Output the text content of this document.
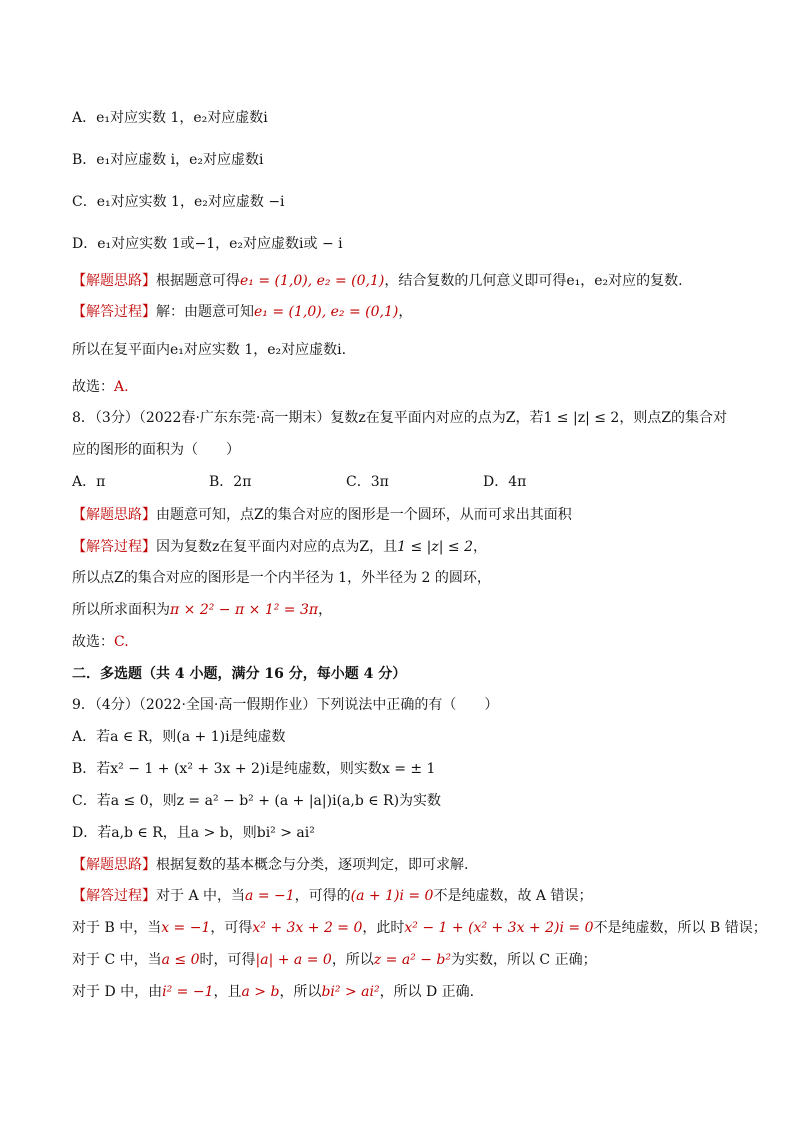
A．e₁对应实数 1，e₂对应虚数i
B．e₁对应虚数 i，e₂对应虚数i
C．e₁对应实数 1，e₂对应虚数 −i
D．e₁对应实数 1或−1，e₂对应虚数i或 − i
【解题思路】根据题意可得e₁ = (1,0), e₂ = (0,1)，结合复数的几何意义即可得e₁，e₂对应的复数.
【解答过程】解：由题意可知e₁ = (1,0), e₂ = (0,1)，
所以在复平面内e₁对应实数 1，e₂对应虚数i.
故选：A.
8．（3分）（2022春·广东东莞·高一期末）复数z在复平面内对应的点为Z，若1 ≤ |z| ≤ 2，则点Z的集合对
应的图形的面积为（　　）
A．π	B．2π	C．3π	D．4π
【解题思路】由题意可知，点Z的集合对应的图形是一个圆环，从而可求出其面积
【解答过程】因为复数z在复平面内对应的点为Z，且1 ≤ |z| ≤ 2，
所以点Z的集合对应的图形是一个内半径为 1，外半径为 2 的圆环，
所以所求面积为π × 2² − π × 1² = 3π，
故选：C.
二．多选题（共 4 小题，满分 16 分，每小题 4 分）
9．（4分）（2022·全国·高一假期作业）下列说法中正确的有（　　）
A．若a ∈ R，则(a + 1)i是纯虚数
B．若x² − 1 + (x² + 3x + 2)i是纯虚数，则实数x = ± 1
C．若a ≤ 0，则z = a² − b² + (a + |a|)i(a,b ∈ R)为实数
D．若a,b ∈ R，且a > b，则bi² > ai²
【解题思路】根据复数的基本概念与分类，逐项判定，即可求解.
【解答过程】对于 A 中，当a = −1，可得的(a + 1)i = 0不是纯虚数，故 A 错误；
对于 B 中，当x = −1，可得x² + 3x + 2 = 0，此时x² − 1 + (x² + 3x + 2)i = 0不是纯虚数，所以 B 错误；
对于 C 中，当a ≤ 0时，可得|a| + a = 0，所以z = a² − b²为实数，所以 C 正确；
对于 D 中，由i² = −1，且a > b，所以bi² > ai²，所以 D 正确.
